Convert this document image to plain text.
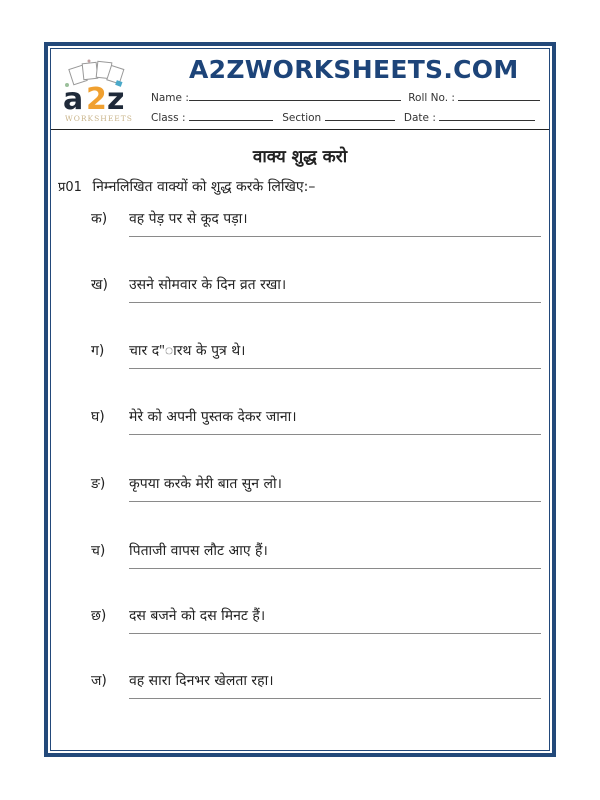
a 2 z
WORKSHEETS
A2ZWORKSHEETS.COM
Name :	Roll No. :
Class :	Section	Date :
वाक्य शुद्ध करो
प्र01 निम्नलिखित वाक्यों को शुद्ध करके लिखिए:–
क) वह पेड़ पर से कूद पड़ा।
ख) उसने सोमवार के दिन व्रत रखा।
ग) चार द"ारथ के पुत्र थे।
घ) मेरे को अपनी पुस्तक देकर जाना।
ङ) कृपया करके मेरी बात सुन लो।
च) पिताजी वापस लौट आए हैं।
छ) दस बजने को दस मिनट हैं।
ज) वह सारा दिनभर खेलता रहा।
